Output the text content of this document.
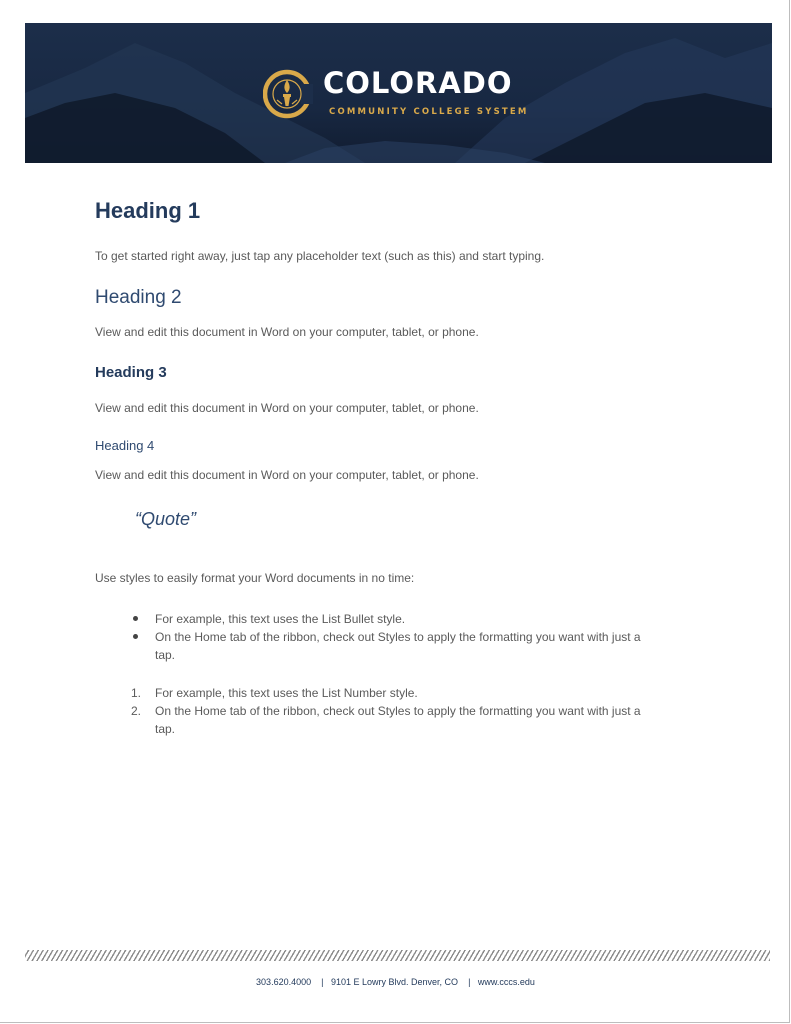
COLORADO
COMMUNITY COLLEGE SYSTEM
Heading 1
To get started right away, just tap any placeholder text (such as this) and start typing.
Heading 2
View and edit this document in Word on your computer, tablet, or phone.
Heading 3
View and edit this document in Word on your computer, tablet, or phone.
Heading 4
View and edit this document in Word on your computer, tablet, or phone.
“Quote”
Use styles to easily format your Word documents in no time:
For example, this text uses the List Bullet style.
On the Home tab of the ribbon, check out Styles to apply the formatting you want with just a
tap.
1. For example, this text uses the List Number style.
2. On the Home tab of the ribbon, check out Styles to apply the formatting you want with just a
tap.
303.620.4000 | 9101 E Lowry Blvd. Denver, CO | www.cccs.edu
